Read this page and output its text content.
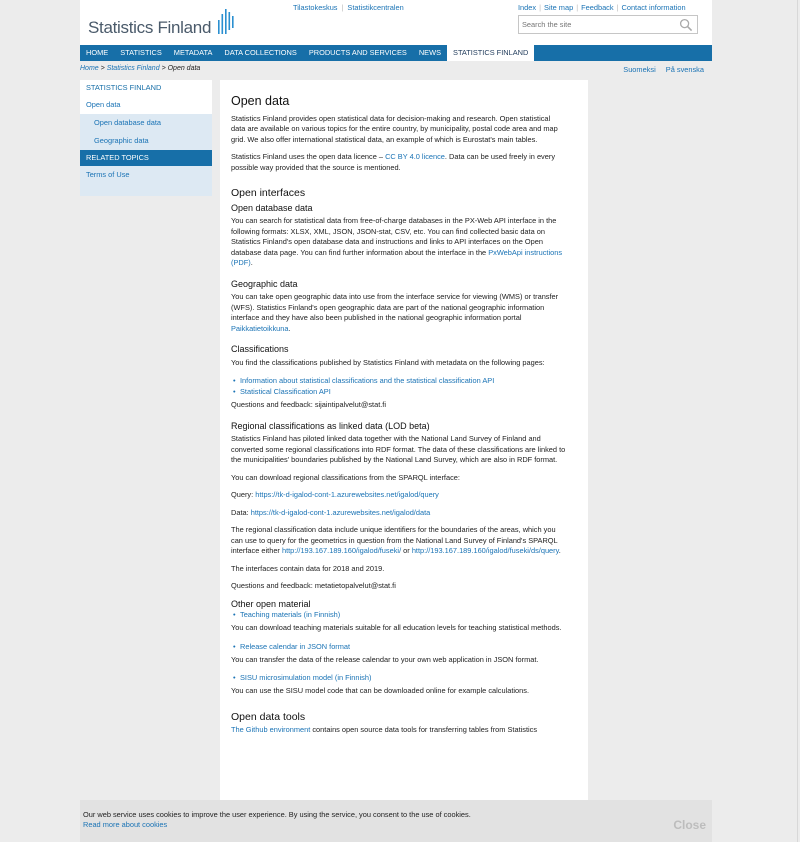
Statistics Finland
Tilastokeskus | Statistikcentralen	Index | Site map | Feedback | Contact information
Search the site
HOME	STATISTICS	METADATA	DATA COLLECTIONS	PRODUCTS AND SERVICES	NEWS	STATISTICS FINLAND
Home > Statistics Finland > Open data	Suomeksi På svenska
STATISTICS FINLAND
Open data
Open database data
Geographic data
RELATED TOPICS
Terms of Use
Open data

Statistics Finland provides open statistical data for decision-making and research. Open statistical data are available on various topics for the entire country, by municipality, postal code area and map grid. We also offer international statistical data, an example of which is Eurostat's main tables.

Statistics Finland uses the open data licence – CC BY 4.0 licence. Data can be used freely in every possible way provided that the source is mentioned.

Open interfaces
Open database data

You can search for statistical data from free-of-charge databases in the PX-Web API interface in the following formats: XLSX, XML, JSON, JSON-stat, CSV, etc. You can find collected basic data on Statistics Finland's open database data and instructions and links to API interfaces on the Open database data page. You can find further information about the interface in the PxWebApi instructions (PDF).

Geographic data

You can take open geographic data into use from the interface service for viewing (WMS) or transfer (WFS). Statistics Finland's open geographic data are part of the national geographic information interface and they have also been published in the national geographic information portal Paikkatietoikkuna.

Classifications

You find the classifications published by Statistics Finland with metadata on the following pages:

• Information about statistical classifications and the statistical classification API
• Statistical Classification API

Questions and feedback: sijaintipalvelut@stat.fi

Regional classifications as linked data (LOD beta)

Statistics Finland has piloted linked data together with the National Land Survey of Finland and converted some regional classifications into RDF format. The data of these classifications are linked to the municipalities' boundaries published by the National Land Survey, which are also in RDF format.

You can download regional classifications from the SPARQL interface:

Query: https://tk-d-igalod-cont-1.azurewebsites.net/igalod/query

Data: https://tk-d-igalod-cont-1.azurewebsites.net/igalod/data

The regional classification data include unique identifiers for the boundaries of the areas, which you can use to query for the geometrics in question from the National Land Survey of Finland's SPARQL interface either http://193.167.189.160/igalod/fuseki/ or http://193.167.189.160/igalod/fuseki/ds/query.

The interfaces contain data for 2018 and 2019.

Questions and feedback: metatietopalvelut@stat.fi

Other open material
• Teaching materials (in Finnish)

You can download teaching materials suitable for all education levels for teaching statistical methods.

• Release calendar in JSON format

You can transfer the data of the release calendar to your own web application in JSON format.

• SISU microsimulation model (in Finnish)

You can use the SISU model code that can be downloaded online for example calculations.

Open data tools

The Github environment contains open source data tools for transferring tables from Statistics

Our web service uses cookies to improve the user experience. By using the service, you consent to the use of cookies.
Read more about cookies	Close
